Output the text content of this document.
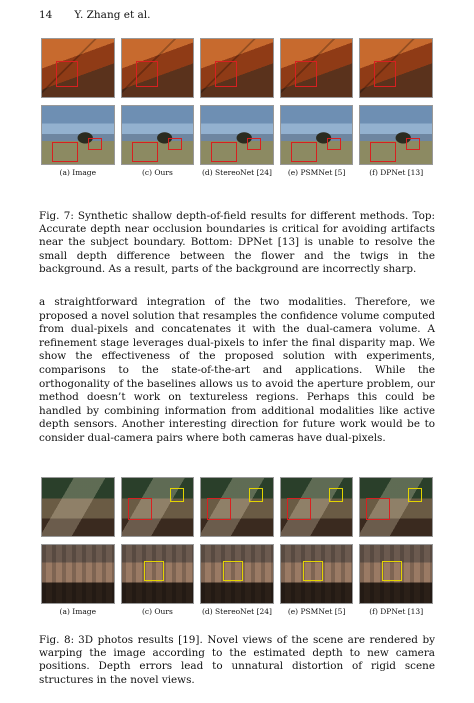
14 Y. Zhang et al.
(a) Image	(c) Ours	(d) StereoNet [24]	(e) PSMNet [5]	(f) DPNet [13]
Fig. 7: Synthetic shallow depth-of-field results for different methods. Top: Accurate depth near occlusion boundaries is critical for avoiding artifacts near the subject boundary. Bottom: DPNet [13] is unable to resolve the small depth difference between the flower and the twigs in the background. As a result, parts of the background are incorrectly sharp.
a straightforward integration of the two modalities. Therefore, we proposed a novel solution that resamples the confidence volume computed from dual-pixels and concatenates it with the dual-camera volume. A refinement stage leverages dual-pixels to infer the final disparity map. We show the effectiveness of the proposed solution with experiments, comparisons to the state-of-the-art and applications. While the orthogonality of the baselines allows us to avoid the aperture problem, our method doesn’t work on textureless regions. Perhaps this could be handled by combining information from additional modalities like active depth sensors. Another interesting direction for future work would be to consider dual-camera pairs where both cameras have dual-pixels.
(a) Image	(c) Ours	(d) StereoNet [24]	(e) PSMNet [5]	(f) DPNet [13]
Fig. 8: 3D photos results [19]. Novel views of the scene are rendered by warping the image according to the estimated depth to new camera positions. Depth errors lead to unnatural distortion of rigid scene structures in the novel views.
